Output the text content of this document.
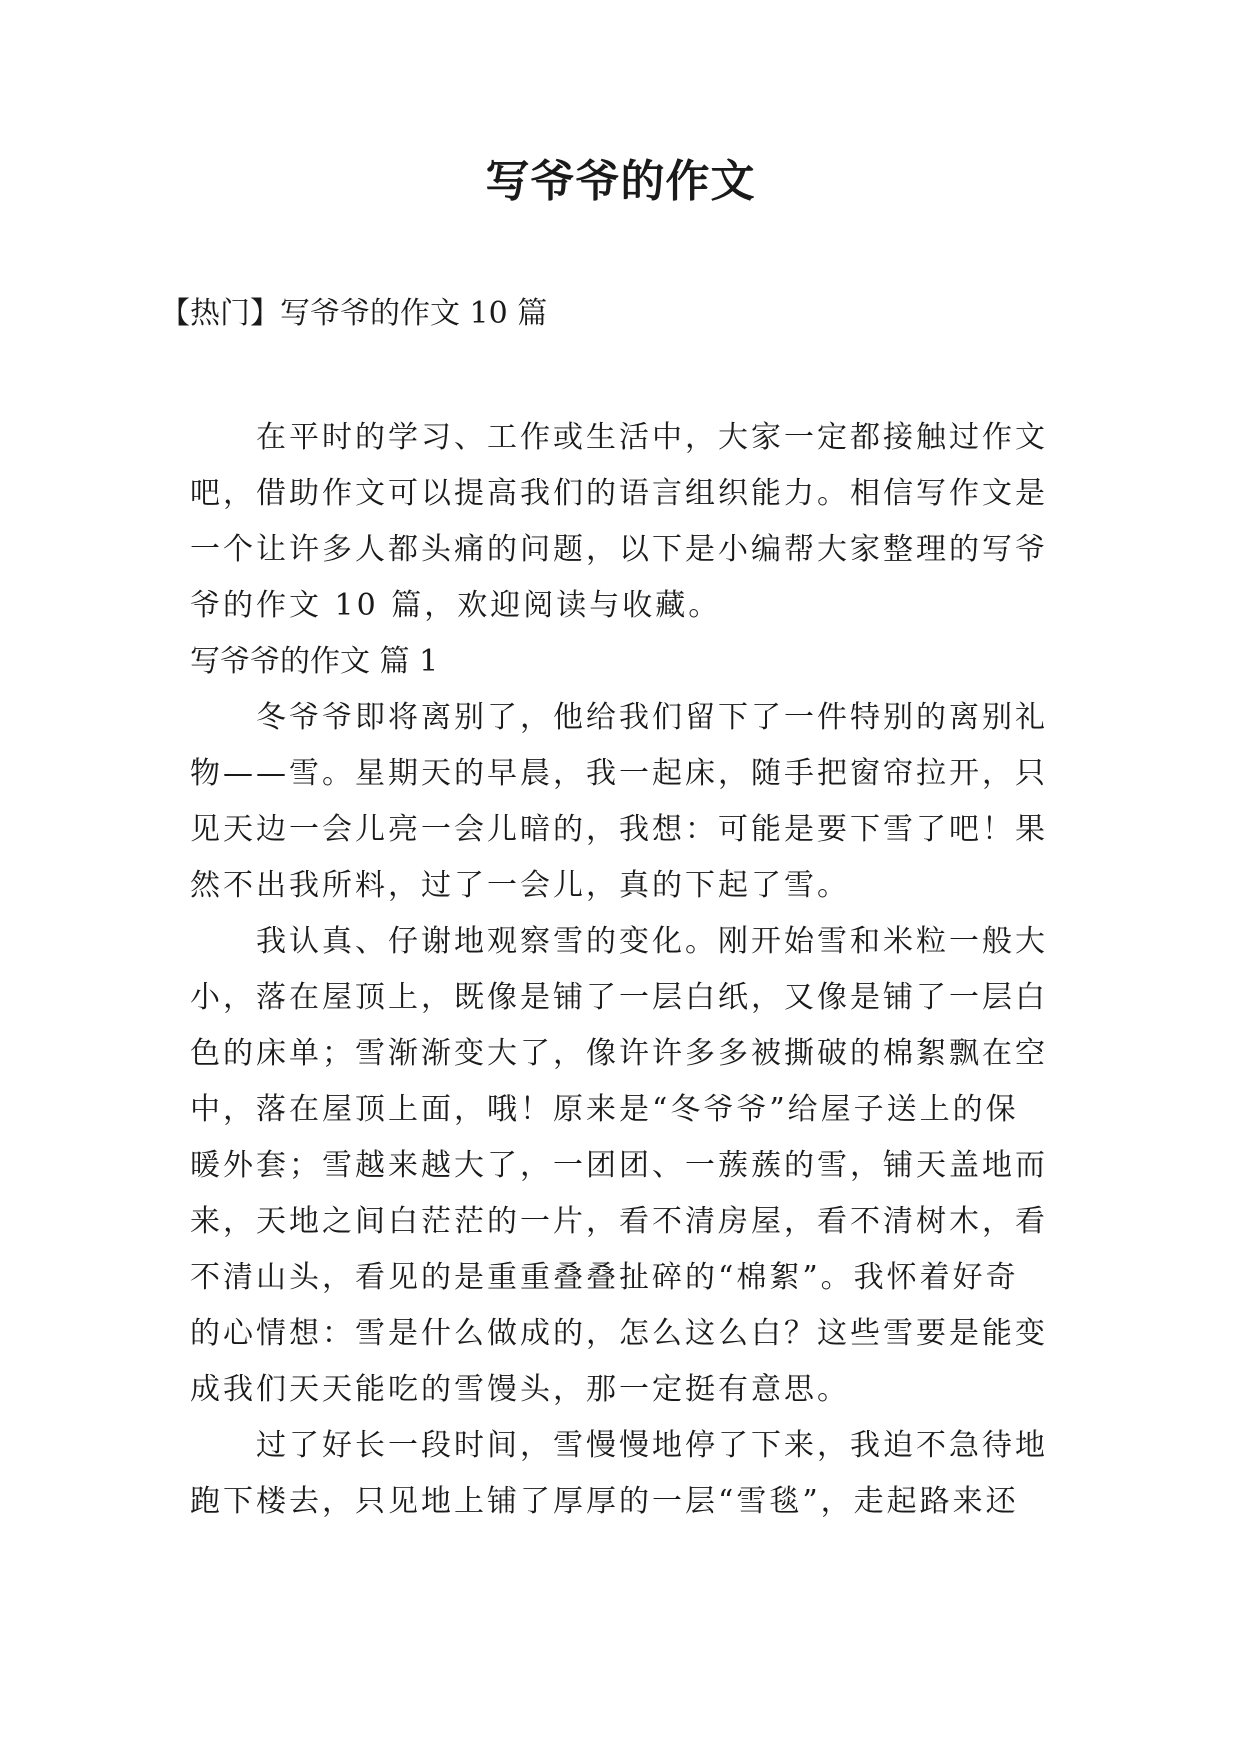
写爷爷的作文
【热门】写爷爷的作文 10 篇
在平时的学习、工作或生活中，大家一定都接触过作文
吧，借助作文可以提高我们的语言组织能力。相信写作文是
一个让许多人都头痛的问题，以下是小编帮大家整理的写爷
爷的作文 10 篇，欢迎阅读与收藏。
写爷爷的作文 篇 1
冬爷爷即将离别了，他给我们留下了一件特别的离别礼
物——雪。星期天的早晨，我一起床，随手把窗帘拉开，只
见天边一会儿亮一会儿暗的，我想：可能是要下雪了吧！果
然不出我所料，过了一会儿，真的下起了雪。
我认真、仔谢地观察雪的变化。刚开始雪和米粒一般大
小，落在屋顶上，既像是铺了一层白纸，又像是铺了一层白
色的床单；雪渐渐变大了，像许许多多被撕破的棉絮飘在空
中，落在屋顶上面，哦！原来是“冬爷爷”给屋子送上的保
暖外套；雪越来越大了，一团团、一蔟蔟的雪，铺天盖地而
来，天地之间白茫茫的一片，看不清房屋，看不清树木，看
不清山头，看见的是重重叠叠扯碎的“棉絮”。我怀着好奇
的心情想：雪是什么做成的，怎么这么白？这些雪要是能变
成我们天天能吃的雪馒头，那一定挺有意思。
过了好长一段时间，雪慢慢地停了下来，我迫不急待地
跑下楼去，只见地上铺了厚厚的一层“雪毯”，走起路来还
